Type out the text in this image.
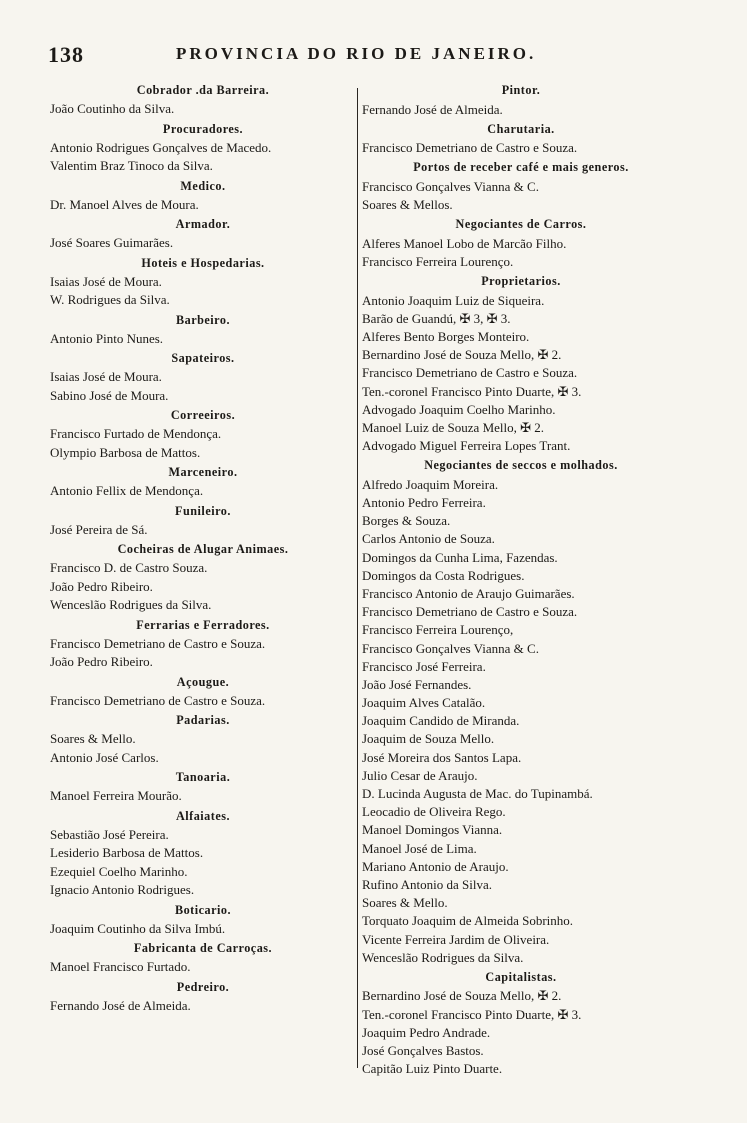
138	PROVINCIA DO RIO DE JANEIRO.
Cobrador .da Barreira.
João Coutinho da Silva.
Procuradores.
Antonio Rodrigues Gonçalves de Macedo.
Valentim Braz Tinoco da Silva.
Medico.
Dr. Manoel Alves de Moura.
Armador.
José Soares Guimarães.
Hoteis e Hospedarias.
Isaias José de Moura.
W. Rodrigues da Silva.
Barbeiro.
Antonio Pinto Nunes.
Sapateiros.
Isaias José de Moura.
Sabino José de Moura.
Correeiros.
Francisco Furtado de Mendonça.
Olympio Barbosa de Mattos.
Marceneiro.
Antonio Fellix de Mendonça.
Funileiro.
José Pereira de Sá.
Cocheiras de Alugar Animaes.
Francisco D. de Castro Souza.
João Pedro Ribeiro.
Wenceslão Rodrigues da Silva.
Ferrarias e Ferradores.
Francisco Demetriano de Castro e Souza.
João Pedro Ribeiro.
Açougue.
Francisco Demetriano de Castro e Souza.
Padarias.
Soares & Mello.
Antonio José Carlos.
Tanoaria.
Manoel Ferreira Mourão.
Alfaiates.
Sebastião José Pereira.
Lesiderio Barbosa de Mattos.
Ezequiel Coelho Marinho.
Ignacio Antonio Rodrigues.
Boticario.
Joaquim Coutinho da Silva Imbú.
Fabricanta de Carroças.
Manoel Francisco Furtado.
Pedreiro.
Fernando José de Almeida.
Pintor.
Fernando José de Almeida.
Charutaria.
Francisco Demetriano de Castro e Souza.
Portos de receber café e mais generos.
Francisco Gonçalves Vianna & C.
Soares & Mellos.
Negociantes de Carros.
Alferes Manoel Lobo de Marcão Filho.
Francisco Ferreira Lourenço.
Proprietarios.
Antonio Joaquim Luiz de Siqueira.
Barão de Guandú, ✠ 3, ✠ 3.
Alferes Bento Borges Monteiro.
Bernardino José de Souza Mello, ✠ 2.
Francisco Demetriano de Castro e Souza.
Ten.-coronel Francisco Pinto Duarte, ✠ 3.
Advogado Joaquim Coelho Marinho.
Manoel Luiz de Souza Mello, ✠ 2.
Advogado Miguel Ferreira Lopes Trant.
Negociantes de seccos e molhados.
Alfredo Joaquim Moreira.
Antonio Pedro Ferreira.
Borges & Souza.
Carlos Antonio de Souza.
Domingos da Cunha Lima, Fazendas.
Domingos da Costa Rodrigues.
Francisco Antonio de Araujo Guimarães.
Francisco Demetriano de Castro e Souza.
Francisco Ferreira Lourenço,
Francisco Gonçalves Vianna & C.
Francisco José Ferreira.
João José Fernandes.
Joaquim Alves Catalão.
Joaquim Candido de Miranda.
Joaquim de Souza Mello.
José Moreira dos Santos Lapa.
Julio Cesar de Araujo.
D. Lucinda Augusta de Mac. do Tupinambá.
Leocadio de Oliveira Rego.
Manoel Domingos Vianna.
Manoel José de Lima.
Mariano Antonio de Araujo.
Rufino Antonio da Silva.
Soares & Mello.
Torquato Joaquim de Almeida Sobrinho.
Vicente Ferreira Jardim de Oliveira.
Wenceslão Rodrigues da Silva.
Capitalistas.
Bernardino José de Souza Mello, ✠ 2.
Ten.-coronel Francisco Pinto Duarte, ✠ 3.
Joaquim Pedro Andrade.
José Gonçalves Bastos.
Capitão Luiz Pinto Duarte.
